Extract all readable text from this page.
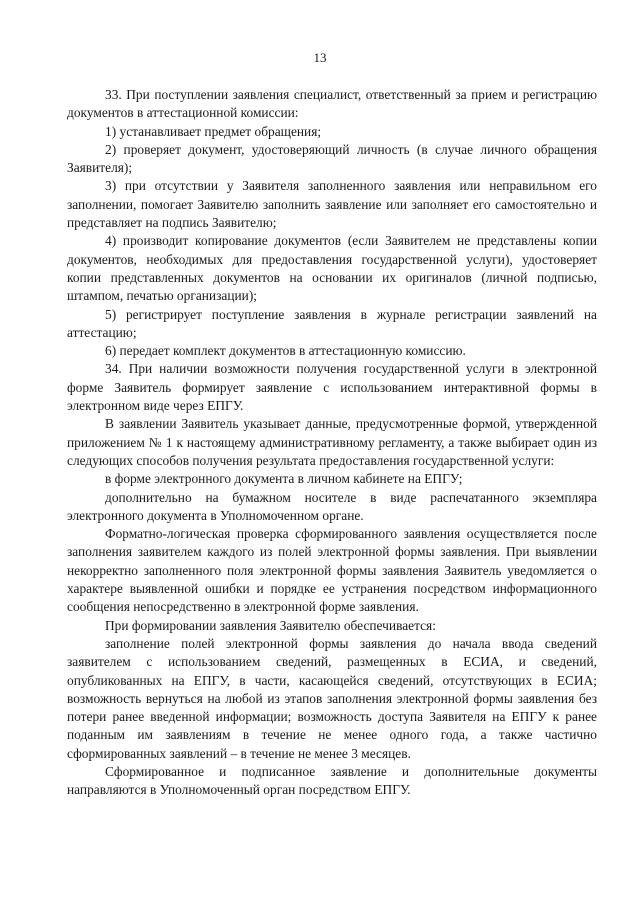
13

33. При поступлении заявления специалист, ответственный за прием и регистрацию документов в аттестационной комиссии:

1) устанавливает предмет обращения;

2) проверяет документ, удостоверяющий личность (в случае личного обращения Заявителя);

3) при отсутствии у Заявителя заполненного заявления или неправильном его заполнении, помогает Заявителю заполнить заявление или заполняет его самостоятельно и представляет на подпись Заявителю;

4) производит копирование документов (если Заявителем не представлены копии документов, необходимых для предоставления государственной услуги), удостоверяет копии представленных документов на основании их оригиналов (личной подписью, штампом, печатью организации);

5) регистрирует поступление заявления в журнале регистрации заявлений на аттестацию;

6) передает комплект документов в аттестационную комиссию.

34. При наличии возможности получения государственной услуги в электронной форме Заявитель формирует заявление с использованием интерактивной формы в электронном виде через ЕПГУ.

В заявлении Заявитель указывает данные, предусмотренные формой, утвержденной приложением № 1 к настоящему административному регламенту, а также выбирает один из следующих способов получения результата предоставления государственной услуги:

в форме электронного документа в личном кабинете на ЕПГУ;

дополнительно на бумажном носителе в виде распечатанного экземпляра электронного документа в Уполномоченном органе.

Форматно-логическая проверка сформированного заявления осуществляется после заполнения заявителем каждого из полей электронной формы заявления. При выявлении некорректно заполненного поля электронной формы заявления Заявитель уведомляется о характере выявленной ошибки и порядке ее устранения посредством информационного сообщения непосредственно в электронной форме заявления.

При формировании заявления Заявителю обеспечивается:

заполнение полей электронной формы заявления до начала ввода сведений заявителем с использованием сведений, размещенных в ЕСИА, и сведений, опубликованных на ЕПГУ, в части, касающейся сведений, отсутствующих в ЕСИА; возможность вернуться на любой из этапов заполнения электронной формы заявления без потери ранее введенной информации; возможность доступа Заявителя на ЕПГУ к ранее поданным им заявлениям в течение не менее одного года, а также частично сформированных заявлений – в течение не менее 3 месяцев.

Сформированное и подписанное заявление и дополнительные документы направляются в Уполномоченный орган посредством ЕПГУ.
